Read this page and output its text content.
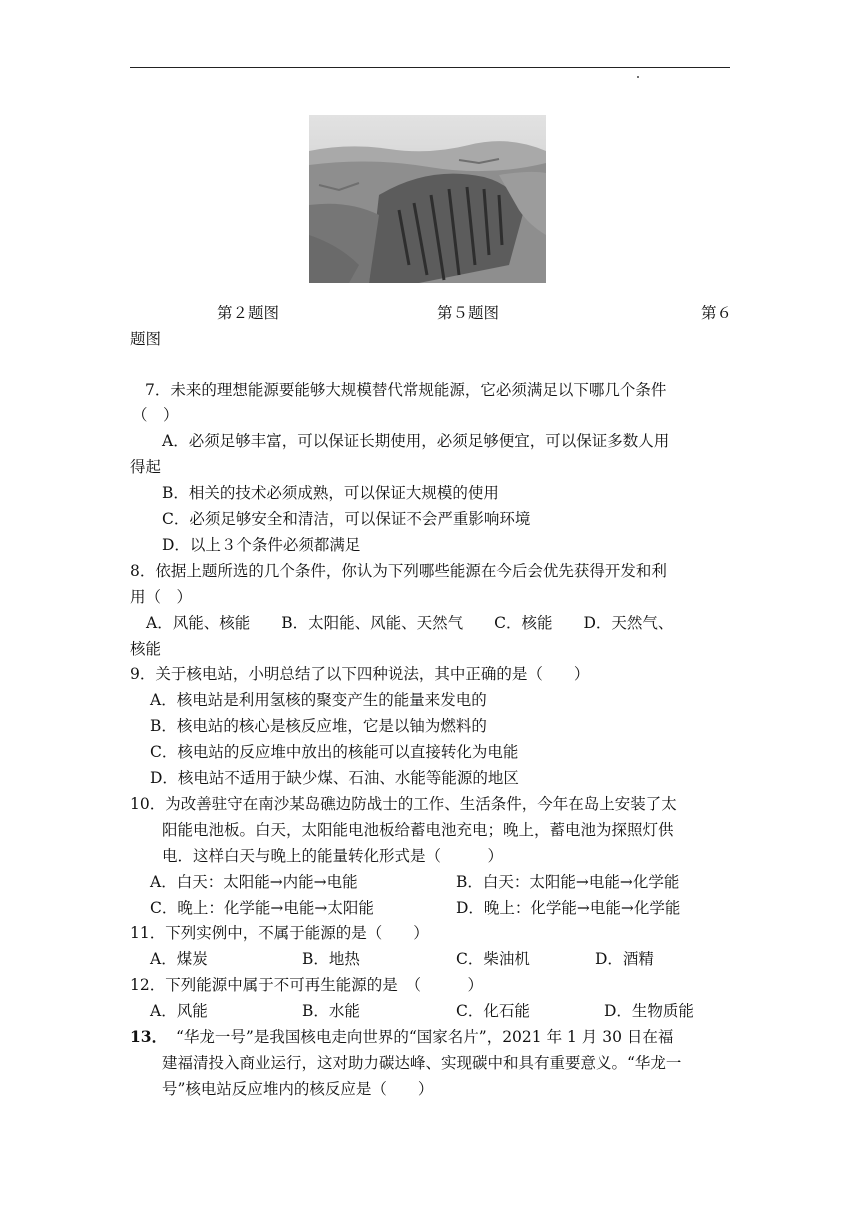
第２题图	第５题图	第６
题图
7．未来的理想能源要能够大规模替代常规能源，它必须满足以下哪几个条件
（　）
A．必须足够丰富，可以保证长期使用，必须足够便宜，可以保证多数人用
得起
B．相关的技术必须成熟，可以保证大规模的使用
C．必须足够安全和清洁，可以保证不会严重影响环境
D．以上３个条件必须都满足
8．依据上题所选的几个条件，你认为下列哪些能源在今后会优先获得开发和利
用（　）
A．风能、核能　　B．太阳能、风能、天然气　　C．核能　　D．天然气、
核能
9．关于核电站，小明总结了以下四种说法，其中正确的是（　　）
A．核电站是利用氢核的聚变产生的能量来发电的
B．核电站的核心是核反应堆，它是以铀为燃料的
C．核电站的反应堆中放出的核能可以直接转化为电能
D．核电站不适用于缺少煤、石油、水能等能源的地区
10．为改善驻守在南沙某岛礁边防战士的工作、生活条件，今年在岛上安装了太
阳能电池板。白天，太阳能电池板给蓄电池充电；晚上，蓄电池为探照灯供
电．这样白天与晚上的能量转化形式是（　　　）
A．白天：太阳能→内能→电能	B．白天：太阳能→电能→化学能
C．晚上：化学能→电能→太阳能	D．晚上：化学能→电能→化学能
11．下列实例中，不属于能源的是（　　）
A．煤炭	B．地热	C．柴油机	D．酒精
12．下列能源中属于不可再生能源的是　（　　　）
A．风能	B．水能	C．化石能	D．生物质能
13． “华龙一号”是我国核电走向世界的“国家名片”，2021 年 1 月 30 日在福
建福清投入商业运行，这对助力碳达峰、实现碳中和具有重要意义。“华龙一
号”核电站反应堆内的核反应是（　　）
